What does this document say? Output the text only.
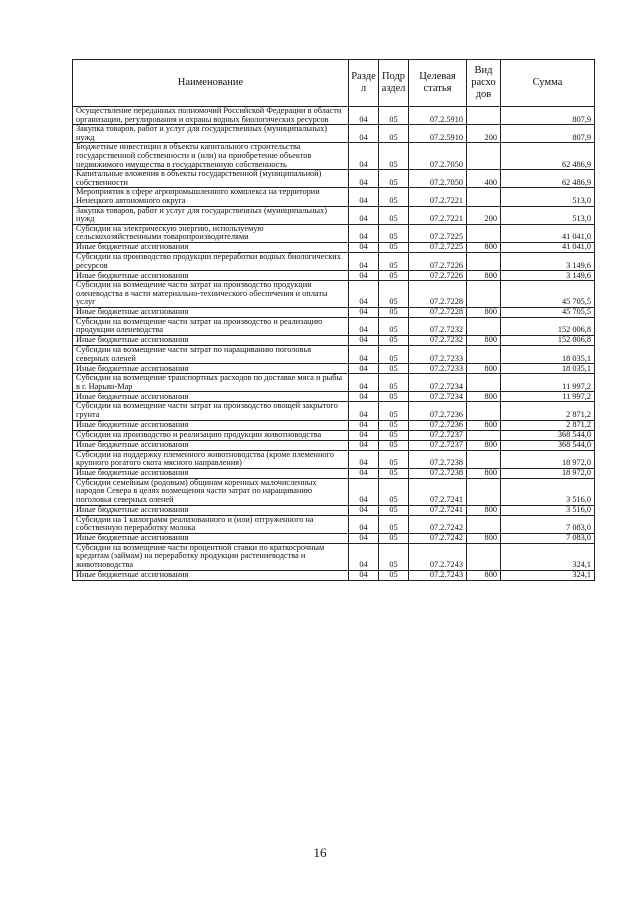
Наименование	Разде л	Подр аздел	Целевая статья	Вид расхо дов	Сумма
Осуществление переданных полномочий Российской Федерации в области организации, регулирования и охраны водных биологических ресурсов	04	05	07.2.5910		807,9
Закупка товаров, работ и услуг для государственных (муниципальных) нужд	04	05	07.2.5910	200	807,9
Бюджетные инвестиции в объекты капитального строительства государственной собственности и (или) на приобретение объектов недвижимого имущества в государственную собственность	04	05	07.2.7050		62 486,9
Капитальные вложения в объекты государственной (муниципальной) собственности	04	05	07.2.7050	400	62 486,9
Мероприятия в сфере агропромышленного комплекса на территории Ненецкого автономного округа	04	05	07.2.7221		513,0
Закупка товаров, работ и услуг для государственных (муниципальных) нужд	04	05	07.2.7221	200	513,0
Субсидии на электрическую энергию, используемую сельскохозяйственными товаропроизводителями	04	05	07.2.7225		41 041,0
Иные бюджетные ассигнования	04	05	07.2.7225	800	41 041,0
Субсидии на производство продукции переработки водных биологических ресурсов	04	05	07.2.7226		3 149,6
Иные бюджетные ассигнования	04	05	07.2.7226	800	3 149,6
Субсидии на возмещение части затрат на производство продукции оленеводства в части материально-технического обеспечения и оплаты услуг	04	05	07.2.7228		45 705,5
Иные бюджетные ассигнования	04	05	07.2.7228	800	45 705,5
Субсидии на возмещение части затрат на производство и реализацию продукции оленеводства	04	05	07.2.7232		152 006,8
Иные бюджетные ассигнования	04	05	07.2.7232	800	152 006,8
Субсидии на возмещение части затрат по наращиванию поголовья северных оленей	04	05	07.2.7233		18 035,1
Иные бюджетные ассигнования	04	05	07.2.7233	800	18 035,1
Субсидии на возмещение транспортных расходов по доставке мяса и рыбы в г. Нарьян-Мар	04	05	07.2.7234		11 997,2
Иные бюджетные ассигнования	04	05	07.2.7234	800	11 997,2
Субсидии на возмещение части затрат на производство овощей закрытого грунта	04	05	07.2.7236		2 871,2
Иные бюджетные ассигнования	04	05	07.2.7236	800	2 871,2
Субсидии на производство и реализацию продукции животноводства	04	05	07.2.7237		368 544,0
Иные бюджетные ассигнования	04	05	07.2.7237	800	368 544,0
Субсидии на поддержку племенного животноводства (кроме племенного крупного рогатого скота мясного направления)	04	05	07.2.7238		18 972,0
Иные бюджетные ассигнования	04	05	07.2.7238	800	18 972,0
Субсидии семейным (родовым) общинам коренных малочисленных народов Севера в целях возмещения части затрат по наращиванию поголовья северных оленей	04	05	07.2.7241		3 516,0
Иные бюджетные ассигнования	04	05	07.2.7241	800	3 516,0
Субсидии на 1 килограмм реализованного и (или) отгруженного на собственную переработку молока	04	05	07.2.7242		7 083,0
Иные бюджетные ассигнования	04	05	07.2.7242	800	7 083,0
Субсидии на возмещение части процентной ставки по краткосрочным кредитам (займам) на переработку продукции растениеводства и животноводства	04	05	07.2.7243		324,1
Иные бюджетные ассигнования	04	05	07.2.7243	800	324,1
16
